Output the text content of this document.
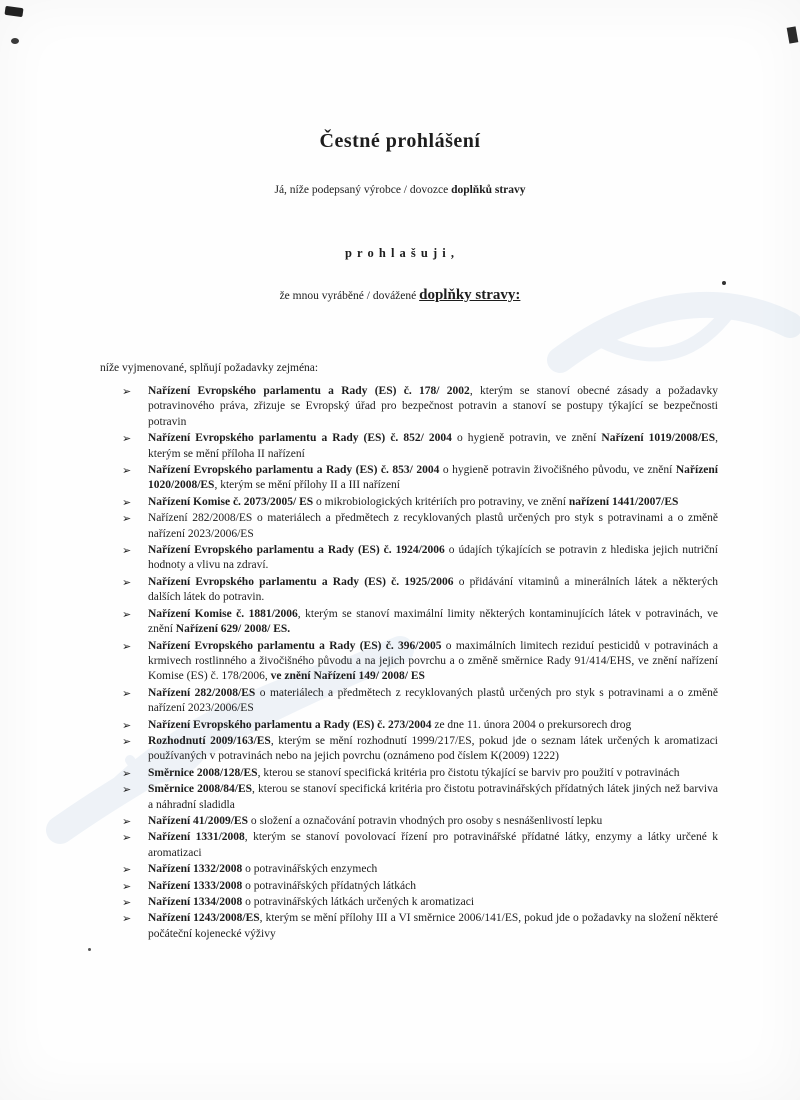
Čestné prohlášení

Já, níže podepsaný výrobce / dovozce doplňků stravy

p r o h l a š u j i ,

že mnou vyráběné / dovážené doplňky stravy:

níže vyjmenované, splňují požadavky zejména:

➢ Nařízení Evropského parlamentu a Rady (ES) č. 178/ 2002, kterým se stanoví obecné zásady a požadavky potravinového práva, zřizuje se Evropský úřad pro bezpečnost potravin a stanoví se postupy týkající se bezpečnosti potravin
➢ Nařízení Evropského parlamentu a Rady (ES) č. 852/ 2004 o hygieně potravin, ve znění Nařízení 1019/2008/ES, kterým se mění příloha II nařízení
➢ Nařízení Evropského parlamentu a Rady (ES) č. 853/ 2004 o hygieně potravin živočišného původu, ve znění Nařízení 1020/2008/ES, kterým se mění přílohy II a III nařízení
➢ Nařízení Komise č. 2073/2005/ ES o mikrobiologických kritériích pro potraviny, ve znění nařízení 1441/2007/ES
➢ Nařízení 282/2008/ES o materiálech a předmětech z recyklovaných plastů určených pro styk s potravinami a o změně nařízení 2023/2006/ES
➢ Nařízení Evropského parlamentu a Rady (ES) č. 1924/2006 o údajích týkajících se potravin z hlediska jejich nutriční hodnoty a vlivu na zdraví.
➢ Nařízení Evropského parlamentu a Rady (ES) č. 1925/2006 o přidávání vitaminů a minerálních látek a některých dalších látek do potravin.
➢ Nařízení Komise č. 1881/2006, kterým se stanoví maximální limity některých kontaminujících látek v potravinách, ve znění Nařízení 629/ 2008/ ES.
➢ Nařízení Evropského parlamentu a Rady (ES) č. 396/2005 o maximálních limitech reziduí pesticidů v potravinách a krmivech rostlinného a živočišného původu a na jejich povrchu a o změně směrnice Rady 91/414/EHS, ve znění nařízení Komise (ES) č. 178/2006, ve znění Nařízení 149/ 2008/ ES
➢ Nařízení 282/2008/ES o materiálech a předmětech z recyklovaných plastů určených pro styk s potravinami a o změně nařízení 2023/2006/ES
➢ Nařízení Evropského parlamentu a Rady (ES) č. 273/2004 ze dne 11. února 2004 o prekursorech drog
➢ Rozhodnutí 2009/163/ES, kterým se mění rozhodnutí 1999/217/ES, pokud jde o seznam látek určených k aromatizaci používaných v potravinách nebo na jejich povrchu (oznámeno pod číslem K(2009) 1222)
➢ Směrnice 2008/128/ES, kterou se stanoví specifická kritéria pro čistotu týkající se barviv pro použití v potravinách
➢ Směrnice 2008/84/ES, kterou se stanoví specifická kritéria pro čistotu potravinářských přídatných látek jiných než barviva a náhradní sladidla
➢ Nařízení 41/2009/ES o složení a označování potravin vhodných pro osoby s nesnášenlivostí lepku
➢ Nařízení 1331/2008, kterým se stanoví povolovací řízení pro potravinářské přídatné látky, enzymy a látky určené k aromatizaci
➢ Nařízení 1332/2008 o potravinářských enzymech
➢ Nařízení 1333/2008 o potravinářských přídatných látkách
➢ Nařízení 1334/2008 o potravinářských látkách určených k aromatizaci
➢ Nařízení 1243/2008/ES, kterým se mění přílohy III a VI směrnice 2006/141/ES, pokud jde o požadavky na složení některé počáteční kojenecké výživy
